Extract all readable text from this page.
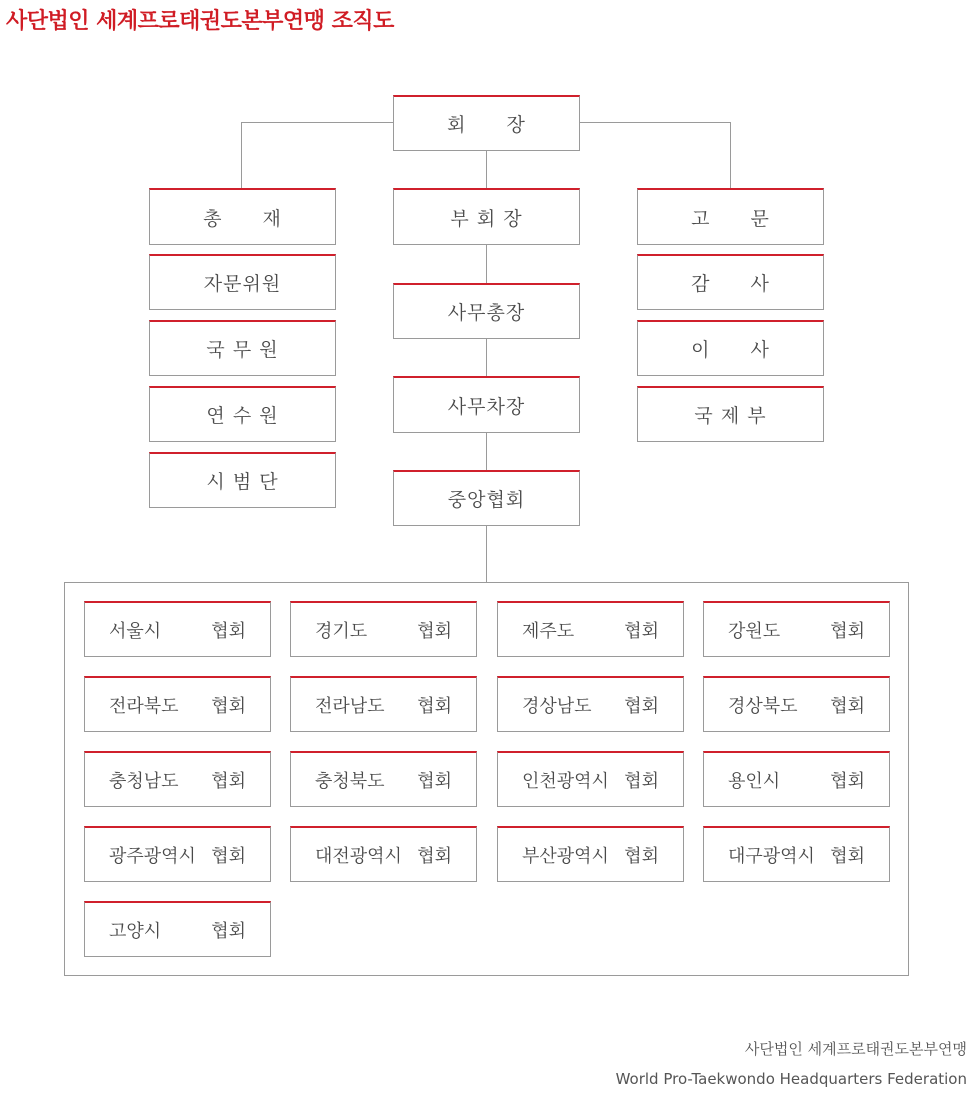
사단법인 세계프로태권도본부연맹 조직도
회　　장
총　　재
자문위원
국 무 원
연 수 원
시 범 단
부 회 장
사무총장
사무차장
중앙협회
고　　문
감　　사
이　　사
국 제 부
서울시	협회	경기도	협회	제주도	협회	강원도	협회
전라북도 협회	전라남도 협회	경상남도 협회	경상북도 협회
충청남도 협회	충청북도 협회	인천광역시 협회	용인시	협회
광주광역시 협회	대전광역시 협회	부산광역시 협회	대구광역시 협회
고양시	협회
사단법인 세계프로태권도본부연맹
World Pro-Taekwondo Headquarters Federation
